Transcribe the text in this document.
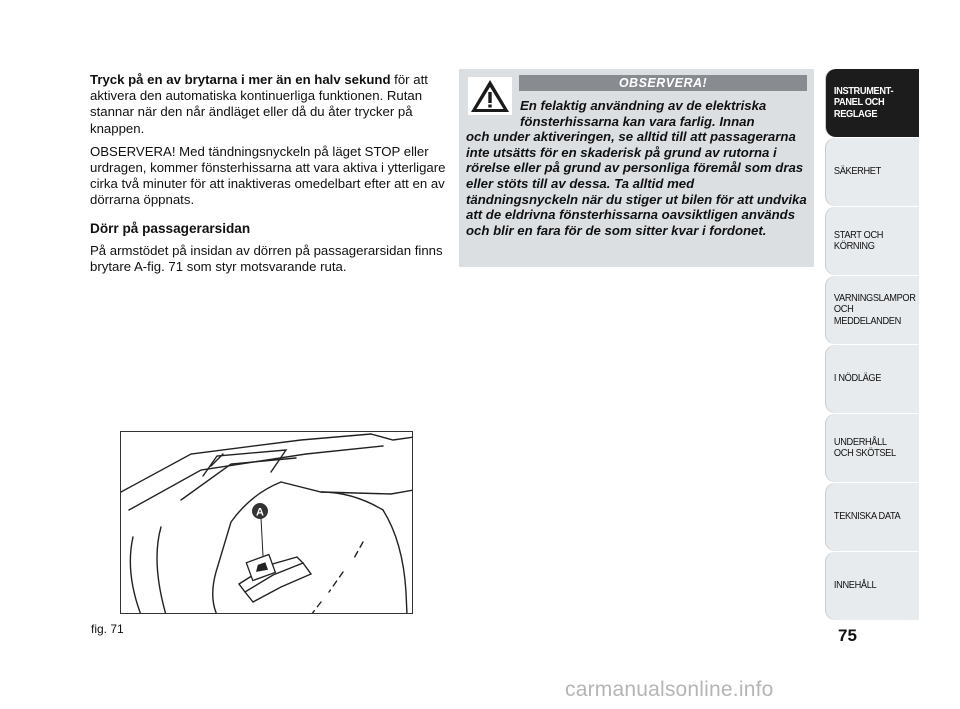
Tryck på en av brytarna i mer än en halv sekund för att aktivera den automatiska kontinuerliga funktionen. Rutan stannar när den når ändläget eller då du åter trycker på knappen.

OBSERVERA! Med tändningsnyckeln på läget STOP eller urdragen, kommer fönsterhissarna att vara aktiva i ytterligare cirka två minuter för att inaktiveras omedelbart efter att en av dörrarna öppnats.

Dörr på passagerarsidan

På armstödet på insidan av dörren på passagerarsidan finns brytare A-fig. 71 som styr motsvarande ruta.

OBSERVERA!
En felaktig användning av de elektriska fönsterhissarna kan vara farlig. Innan
och under aktiveringen, se alltid till att passagerarna inte utsätts för en skaderisk på grund av rutorna i rörelse eller på grund av personliga föremål som dras eller stöts till av dessa. Ta alltid med tändningsnyckeln när du stiger ut bilen för att undvika att de eldrivna fönsterhissarna oavsiktligen används och blir en fara för de som sitter kvar i fordonet.
A
fig. 71
INSTRUMENT-
PANEL OCH
REGLAGE
SÄKERHET
START OCH
KÖRNING
VARNINGSLAMPOR
OCH
MEDDELANDEN
I NÖDLÄGE
UNDERHÅLL
OCH SKÖTSEL
TEKNISKA DATA
INNEHÅLL
75
carmanualsonline.info
